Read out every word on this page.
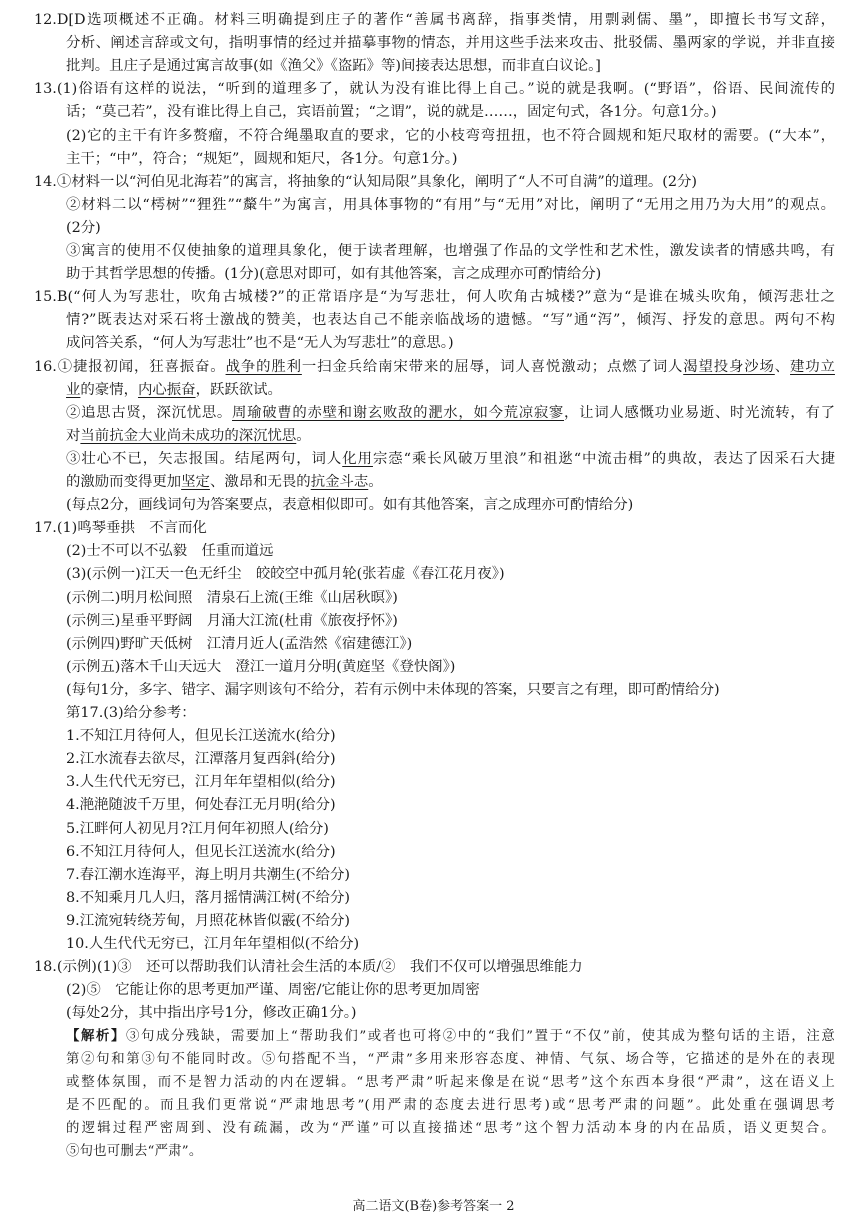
12.D[D选项概述不正确。材料三明确提到庄子的著作“善属书离辞，指事类情，用剽剥儒、墨”，即擅长书写文辞，
分析、阐述言辞或文句，指明事情的经过并描摹事物的情态，并用这些手法来攻击、批驳儒、墨两家的学说，并非直接
批判。且庄子是通过寓言故事(如《渔父》《盗跖》等)间接表达思想，而非直白议论。]
13.(1)俗语有这样的说法，“听到的道理多了，就认为没有谁比得上自己。”说的就是我啊。(“野语”，俗语、民间流传的
话；“莫己若”，没有谁比得上自己，宾语前置；“之谓”，说的就是……，固定句式，各1分。句意1分。)
(2)它的主干有许多赘瘤，不符合绳墨取直的要求，它的小枝弯弯扭扭，也不符合圆规和矩尺取材的需要。(“大本”，
主干；“中”，符合；“规矩”，圆规和矩尺，各1分。句意1分。)
14.①材料一以“河伯见北海若”的寓言，将抽象的“认知局限”具象化，阐明了“人不可自满”的道理。(2分)
②材料二以“樗树”“狸狌”“斄牛”为寓言，用具体事物的“有用”与“无用”对比，阐明了“无用之用乃为大用”的观点。
(2分)
③寓言的使用不仅使抽象的道理具象化，便于读者理解，也增强了作品的文学性和艺术性，激发读者的情感共鸣，有
助于其哲学思想的传播。(1分)(意思对即可，如有其他答案，言之成理亦可酌情给分)
15.B(“何人为写悲壮，吹角古城楼?”的正常语序是“为写悲壮，何人吹角古城楼?”意为“是谁在城头吹角，倾泻悲壮之
情?”既表达对采石将士激战的赞美，也表达自己不能亲临战场的遗憾。“写”通“泻”，倾泻、抒发的意思。两句不构
成问答关系，“何人为写悲壮”也不是“无人为写悲壮”的意思。)
16.①捷报初闻，狂喜振奋。战争的胜利一扫金兵给南宋带来的屈辱，词人喜悦激动；点燃了词人渴望投身沙场、建功立
业的豪情，内心振奋，跃跃欲试。
②追思古贤，深沉忧思。周瑜破曹的赤壁和谢玄败敌的淝水，如今荒凉寂寥，让词人感慨功业易逝、时光流转，有了
对当前抗金大业尚未成功的深沉忧思。
③壮心不已，矢志报国。结尾两句，词人化用宗悫“乘长风破万里浪”和祖逖“中流击楫”的典故，表达了因采石大捷
的激励而变得更加坚定、激昂和无畏的抗金斗志。
(每点2分，画线词句为答案要点，表意相似即可。如有其他答案，言之成理亦可酌情给分)
17.(1)鸣琴垂拱　不言而化
(2)士不可以不弘毅　任重而道远
(3)(示例一)江天一色无纤尘　皎皎空中孤月轮(张若虚《春江花月夜》)
(示例二)明月松间照　清泉石上流(王维《山居秋暝》)
(示例三)星垂平野阔　月涌大江流(杜甫《旅夜抒怀》)
(示例四)野旷天低树　江清月近人(孟浩然《宿建德江》)
(示例五)落木千山天远大　澄江一道月分明(黄庭坚《登快阁》)
(每句1分，多字、错字、漏字则该句不给分，若有示例中未体现的答案，只要言之有理，即可酌情给分)
第17.(3)给分参考：
1.不知江月待何人，但见长江送流水(给分)
2.江水流春去欲尽，江潭落月复西斜(给分)
3.人生代代无穷已，江月年年望相似(给分)
4.滟滟随波千万里，何处春江无月明(给分)
5.江畔何人初见月?江月何年初照人(给分)
6.不知江月待何人，但见长江送流水(给分)
7.春江潮水连海平，海上明月共潮生(不给分)
8.不知乘月几人归，落月摇情满江树(不给分)
9.江流宛转绕芳甸，月照花林皆似霰(不给分)
10.人生代代无穷已，江月年年望相似(不给分)
18.(示例)(1)③　还可以帮助我们认清社会生活的本质/②　我们不仅可以增强思维能力
(2)⑤　它能让你的思考更加严谨、周密/它能让你的思考更加周密
(每处2分，其中指出序号1分，修改正确1分。)
【解析】③句成分残缺，需要加上“帮助我们”或者也可将②中的“我们”置于“不仅”前，使其成为整句话的主语，注意
第②句和第③句不能同时改。⑤句搭配不当，“严肃”多用来形容态度、神情、气氛、场合等，它描述的是外在的表现
或整体氛围，而不是智力活动的内在逻辑。“思考严肃”听起来像是在说“思考”这个东西本身很“严肃”，这在语义上
是不匹配的。而且我们更常说“严肃地思考”(用严肃的态度去进行思考)或“思考严肃的问题”。此处重在强调思考
的逻辑过程严密周到、没有疏漏，改为“严谨”可以直接描述“思考”这个智力活动本身的内在品质，语义更契合。
⑤句也可删去“严肃”。
高二语文(B卷)参考答案一 2
